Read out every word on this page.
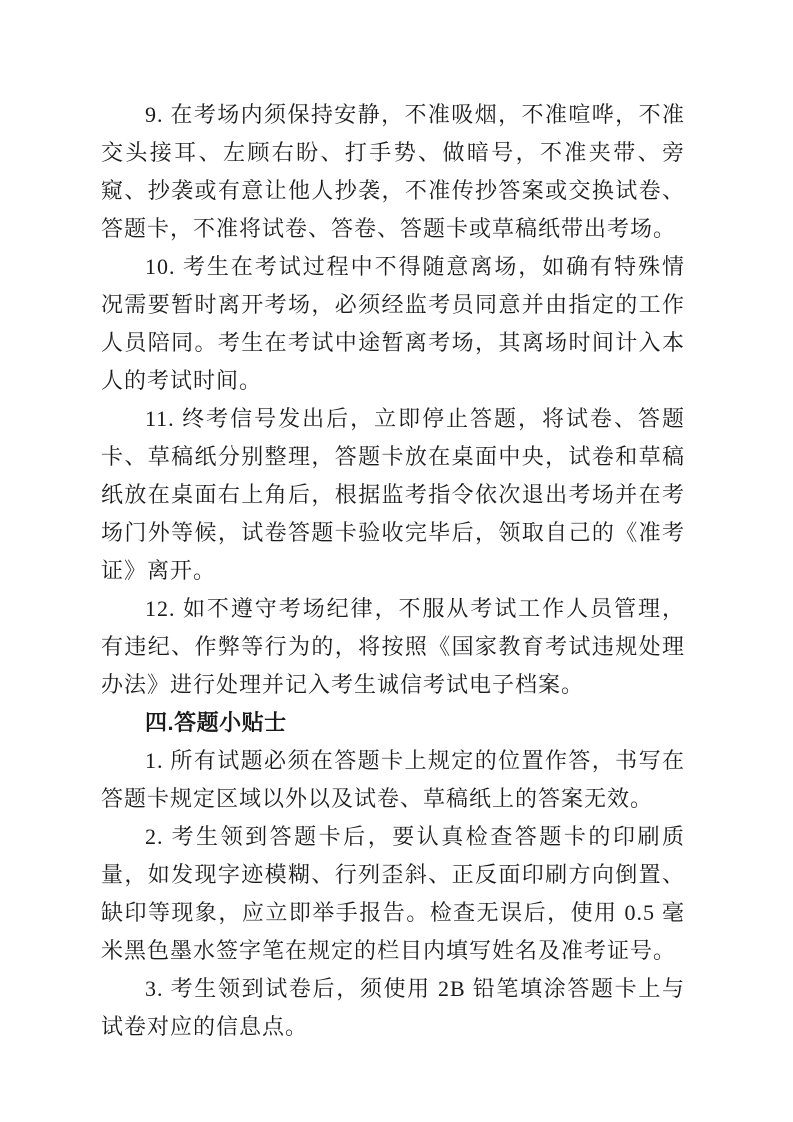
9. 在考场内须保持安静，不准吸烟，不准喧哗，不准交头接耳、左顾右盼、打手势、做暗号，不准夹带、旁窥、抄袭或有意让他人抄袭，不准传抄答案或交换试卷、答题卡，不准将试卷、答卷、答题卡或草稿纸带出考场。

10. 考生在考试过程中不得随意离场，如确有特殊情况需要暂时离开考场，必须经监考员同意并由指定的工作人员陪同。考生在考试中途暂离考场，其离场时间计入本人的考试时间。

11. 终考信号发出后，立即停止答题，将试卷、答题卡、草稿纸分别整理，答题卡放在桌面中央，试卷和草稿纸放在桌面右上角后，根据监考指令依次退出考场并在考场门外等候，试卷答题卡验收完毕后，领取自己的《准考证》离开。

12. 如不遵守考场纪律，不服从考试工作人员管理，有违纪、作弊等行为的，将按照《国家教育考试违规处理办法》进行处理并记入考生诚信考试电子档案。

四.答题小贴士

1. 所有试题必须在答题卡上规定的位置作答，书写在答题卡规定区域以外以及试卷、草稿纸上的答案无效。

2. 考生领到答题卡后，要认真检查答题卡的印刷质量，如发现字迹模糊、行列歪斜、正反面印刷方向倒置、缺印等现象，应立即举手报告。检查无误后，使用 0.5 毫米黑色墨水签字笔在规定的栏目内填写姓名及准考证号。

3. 考生领到试卷后，须使用 2B 铅笔填涂答题卡上与试卷对应的信息点。
